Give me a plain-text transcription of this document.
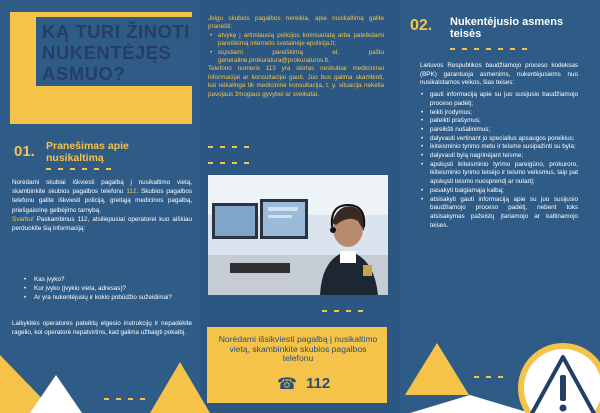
KĄ TURI ŽINOTI NUKENTĖJĘS ASMUO?
01. Pranešimas apie nusikaltimą
Norėdami skubiai iškviesti pagalbą į nusikaltimo vietą, skambinkite skubios pagalbos telefonu 112. Skubios pagalbos telefonu galite iškviesti policiją, greitąją medicinos pagalbą, priešgaisrinę gelbėjimo tarnybą.
Svarbu! Paskambinus 112, atsiliepusiai operatorei kuo aiškiau perduokite šią informaciją:
• Kas įvyko?
• Kur įvyko (įvykio vieta, adresas)?
• Ar yra nukentėjusių ir kokio pobūdžio sužeidimai?
Laikykitės operatorės pateiktų elgesio instrukcijų ir nepadėkite ragelio, kol operatorė nepatvirtins, kad galima užbaigti pokalbį.
Jeigu skubios pagalbos nereikia, apie nusikaltimą galite pranešti:
• atvykę į artimiausią policijos komisariatą arba pateikdami pareiškimą interneto svetainėje epolicija.lt;
• siųsdami pareiškimą el. paštu generaline.prokuratura@prokuraturos.lt.
Telefono numeris 113 yra skirtas neskubiai medicininei informacijai ar konsultacijai gauti. Juo bus galima skambinti, kai reikalinga tik medicininė konsultacija, t. y. situacija nekelia pavojaus žmogaus gyvybei ar sveikatai.
Norėdami išsikviesti pagalbą į nusikaltimo vietą, skambinkite skubios pagalbos telefonu
☎ 112
02. Nukentėjusio asmens teisės
Lietuvos Respublikos baudžiamojo proceso kodeksas (BPK) garantuoja asmenims, nukentėjusiems nuo nusikalstamos veikos, šias teises:
• gauti informaciją apie su juo susijusio baudžiamojo proceso padėtį;
• teikti įrodymus;
• pateikti prašymus;
• pareikšti nušalinimus;
• dalyvauti vertinant jo specialius apsaugos poreikius;
• ikiteisminio tyrimo metu ir teisme susipažinti su byla;
• dalyvauti bylą nagrinėjant teisme;
• apskųsti ikiteisminio tyrimo pareigūno, prokuroro, ikiteisminio tyrimo teisėjo ir teismo veiksmus, taip pat apskųsti teismo nuosprendį ar nutartį;
• pasakyti baigiamąją kalbą;
• atsisakyti gauti informaciją apie su juo susijusio baudžiamojo proceso padėtį, nebent toks atsisakymas pažeistų įtariamojo ar kaltinamojo teises.
